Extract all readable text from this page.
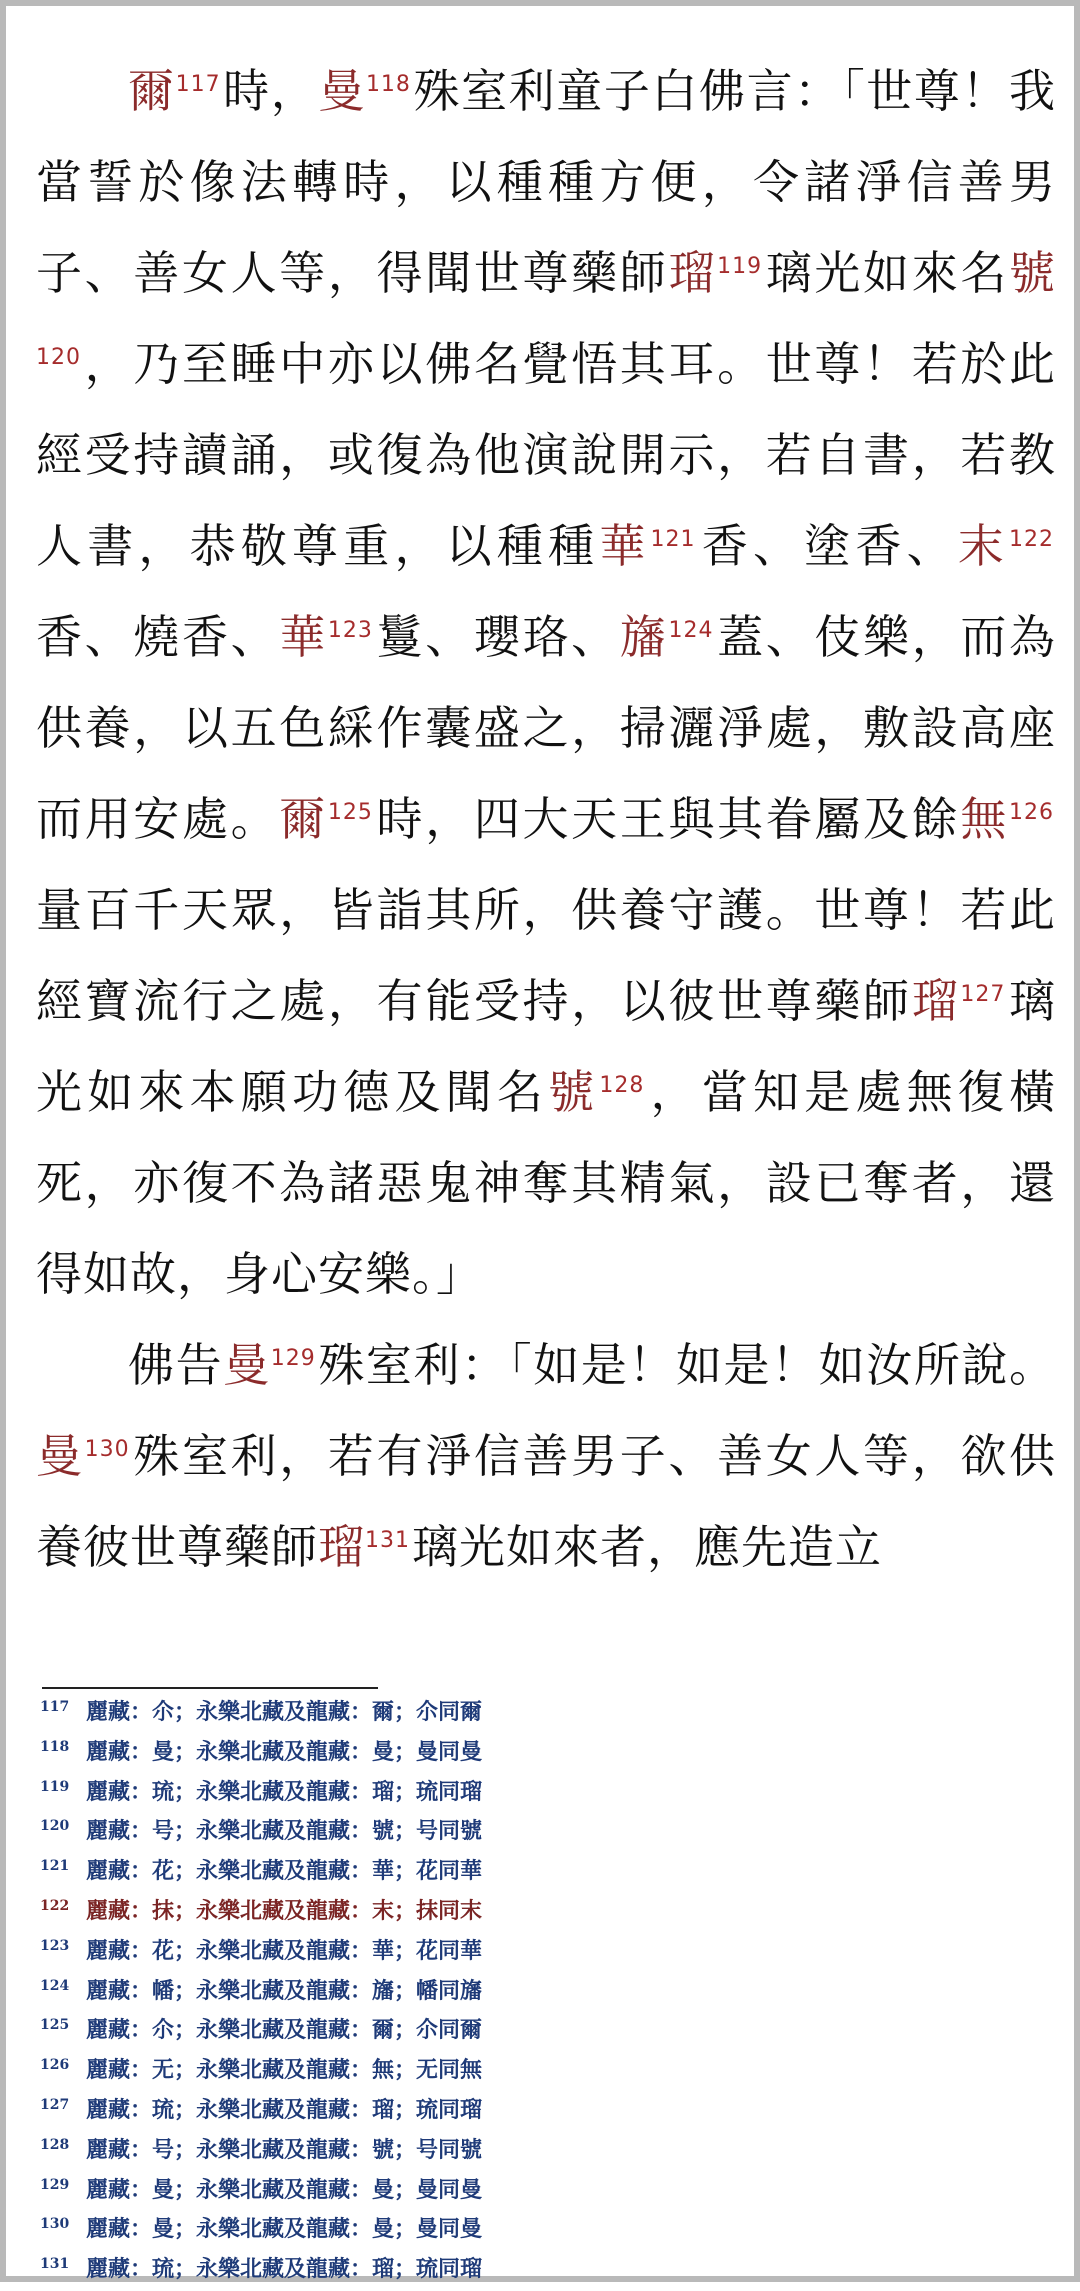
爾$^{117}$時，曼$^{118}$殊室利童子白佛言：「世尊！我當誓於像法轉時，以種種方便，令諸淨信善男子、善女人等，得聞世尊藥師瑠$^{119}$璃光如來名號$^{120}$，乃至睡中亦以佛名覺悟其耳。世尊！若於此經受持讀誦，或復為他演說開示，若自書，若教人書，恭敬尊重，以種種華$^{121}$香、塗香、末$^{122}$香、燒香、華$^{123}$鬘、瓔珞、旛$^{124}$蓋、伎樂，而為供養，以五色綵作囊盛之，掃灑淨處，敷設高座而用安處。爾$^{125}$時，四大天王與其眷屬及餘無$^{126}$量百千天眾，皆詣其所，供養守護。世尊！若此經寶流行之處，有能受持，以彼世尊藥師瑠$^{127}$璃光如來本願功德及聞名號$^{128}$，當知是處無復橫死，亦復不為諸惡鬼神奪其精氣，設已奪者，還得如故，身心安樂。」

佛告曼$^{129}$殊室利：「如是！如是！如汝所說。曼$^{130}$殊室利，若有淨信善男子、善女人等，欲供養彼世尊藥師瑠$^{131}$璃光如來者，應先造立

117 麗藏：尒；永樂北藏及龍藏：爾；尒同爾
118 麗藏：曼；永樂北藏及龍藏：曼；曼同曼
119 麗藏：琉；永樂北藏及龍藏：瑠；琉同瑠
120 麗藏：号；永樂北藏及龍藏：號；号同號
121 麗藏：花；永樂北藏及龍藏：華；花同華
122 麗藏：抹；永樂北藏及龍藏：末；抹同末
123 麗藏：花；永樂北藏及龍藏：華；花同華
124 麗藏：幡；永樂北藏及龍藏：旛；幡同旛
125 麗藏：尒；永樂北藏及龍藏：爾；尒同爾
126 麗藏：无；永樂北藏及龍藏：無；无同無
127 麗藏：琉；永樂北藏及龍藏：瑠；琉同瑠
128 麗藏：号；永樂北藏及龍藏：號；号同號
129 麗藏：曼；永樂北藏及龍藏：曼；曼同曼
130 麗藏：曼；永樂北藏及龍藏：曼；曼同曼
131 麗藏：琉；永樂北藏及龍藏：瑠；琉同瑠
